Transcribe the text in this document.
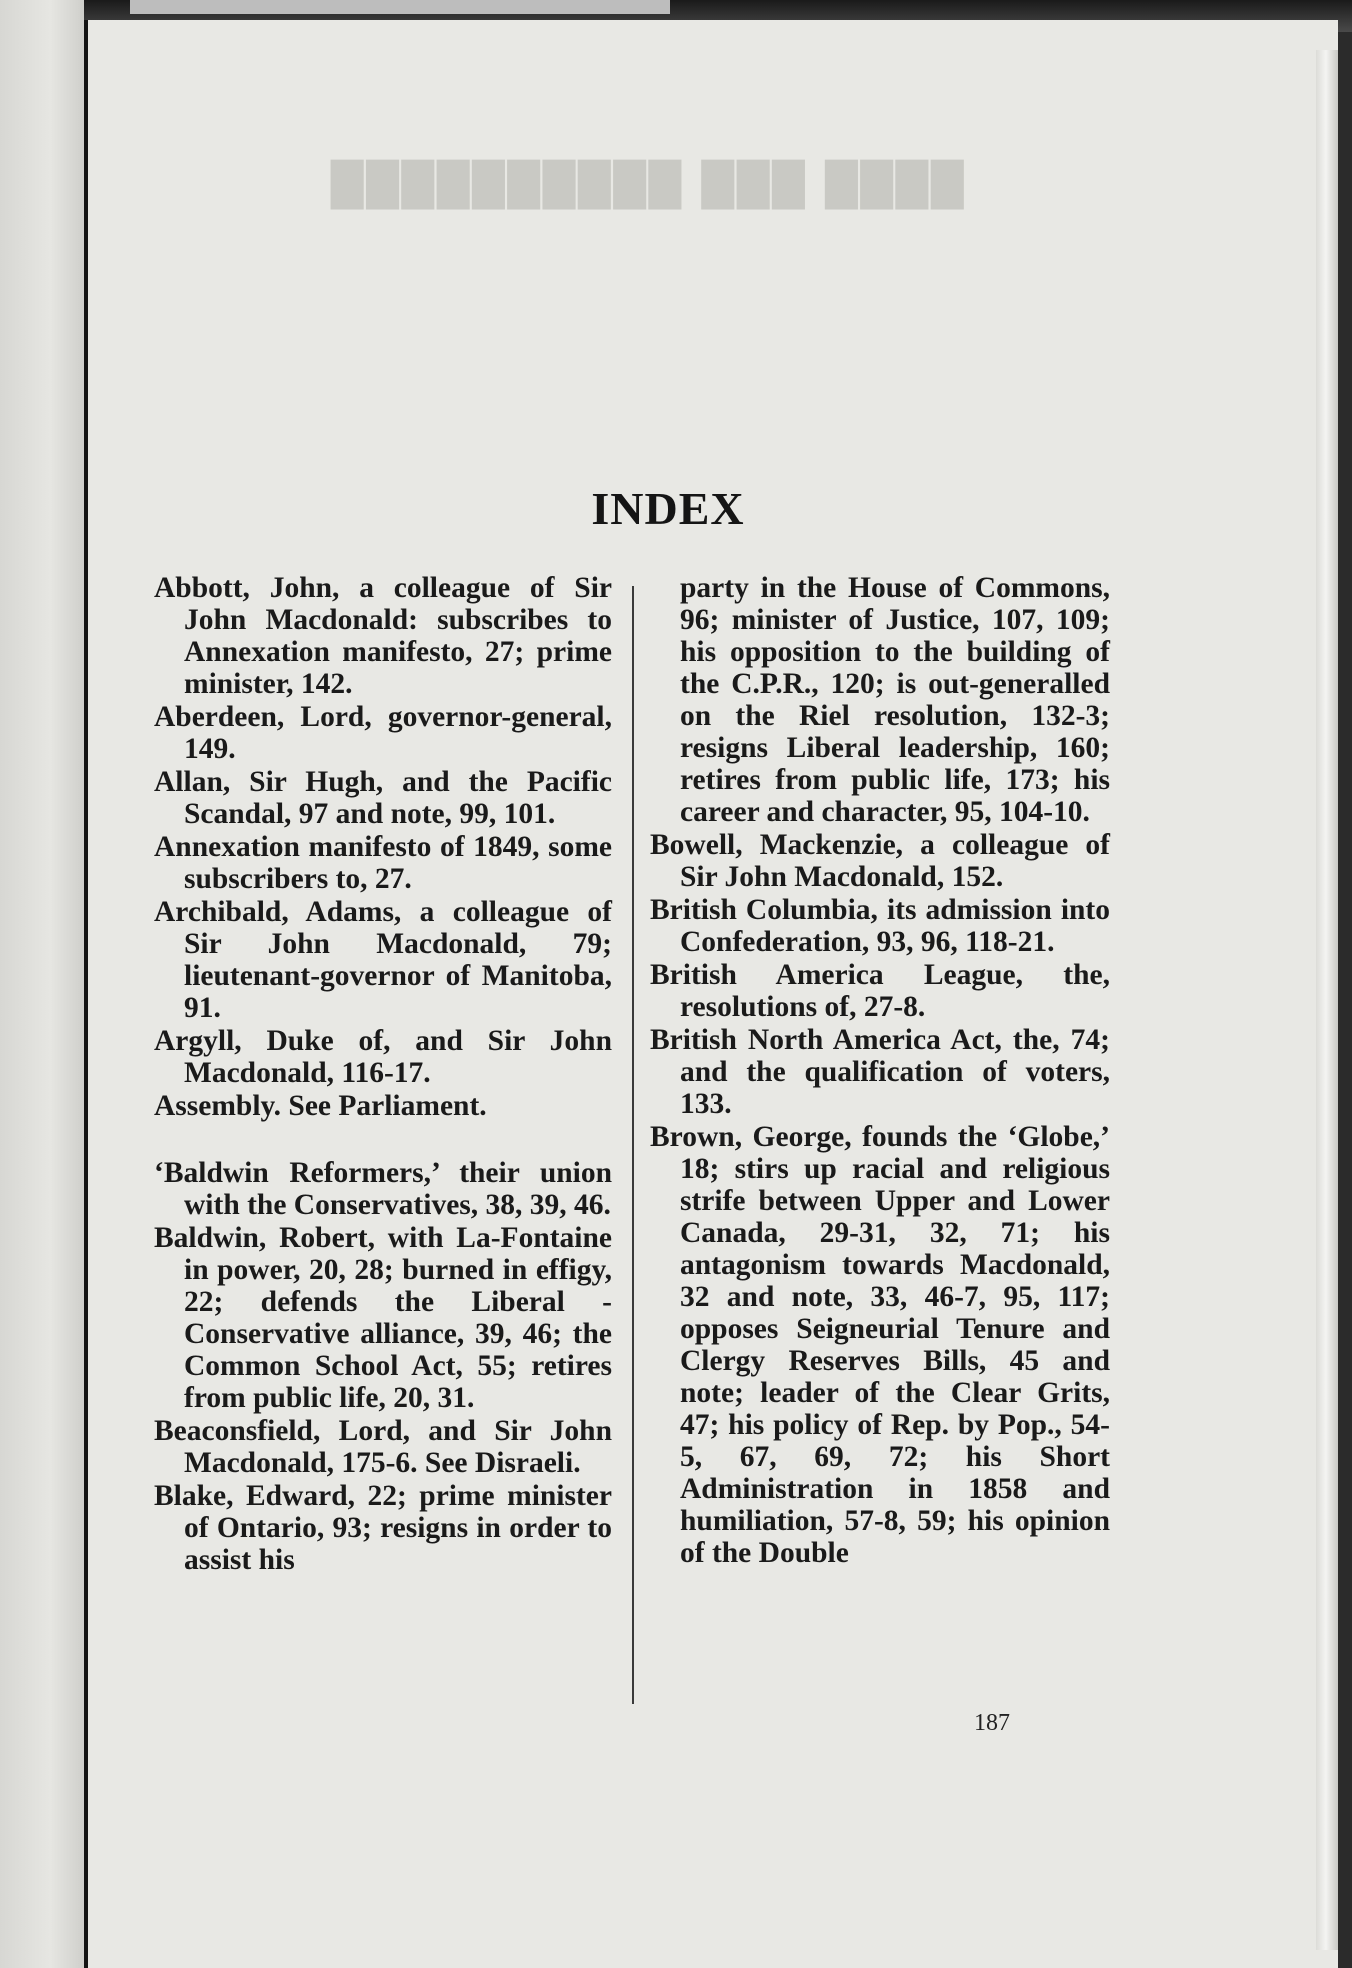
████ ███ ██████████
INDEX

Abbott, John, a colleague of Sir John Macdonald: subscribes to Annexation manifesto, 27; prime minister, 142.

Aberdeen, Lord, governor-general, 149.

Allan, Sir Hugh, and the Pacific Scandal, 97 and note, 99, 101.

Annexation manifesto of 1849, some subscribers to, 27.

Archibald, Adams, a colleague of Sir John Macdonald, 79; lieutenant-governor of Manitoba, 91.

Argyll, Duke of, and Sir John Macdonald, 116-17.

Assembly. See Parliament.

‘Baldwin Reformers,’ their union with the Conservatives, 38, 39, 46.

Baldwin, Robert, with La-Fontaine in power, 20, 28; burned in effigy, 22; defends the Liberal - Conservative alliance, 39, 46; the Common School Act, 55; retires from public life, 20, 31.

Beaconsfield, Lord, and Sir John Macdonald, 175-6. See Disraeli.

Blake, Edward, 22; prime minister of Ontario, 93; resigns in order to assist his

party in the House of Commons, 96; minister of Justice, 107, 109; his opposition to the building of the C.P.R., 120; is out-generalled on the Riel resolution, 132-3; resigns Liberal leadership, 160; retires from public life, 173; his career and character, 95, 104-10.

Bowell, Mackenzie, a colleague of Sir John Macdonald, 152.

British Columbia, its admission into Confederation, 93, 96, 118-21.

British America League, the, resolutions of, 27-8.

British North America Act, the, 74; and the qualification of voters, 133.

Brown, George, founds the ‘Globe,’ 18; stirs up racial and religious strife between Upper and Lower Canada, 29-31, 32, 71; his antagonism towards Macdonald, 32 and note, 33, 46-7, 95, 117; opposes Seigneurial Tenure and Clergy Reserves Bills, 45 and note; leader of the Clear Grits, 47; his policy of Rep. by Pop., 54-5, 67, 69, 72; his Short Administration in 1858 and humiliation, 57-8, 59; his opinion of the Double

187
